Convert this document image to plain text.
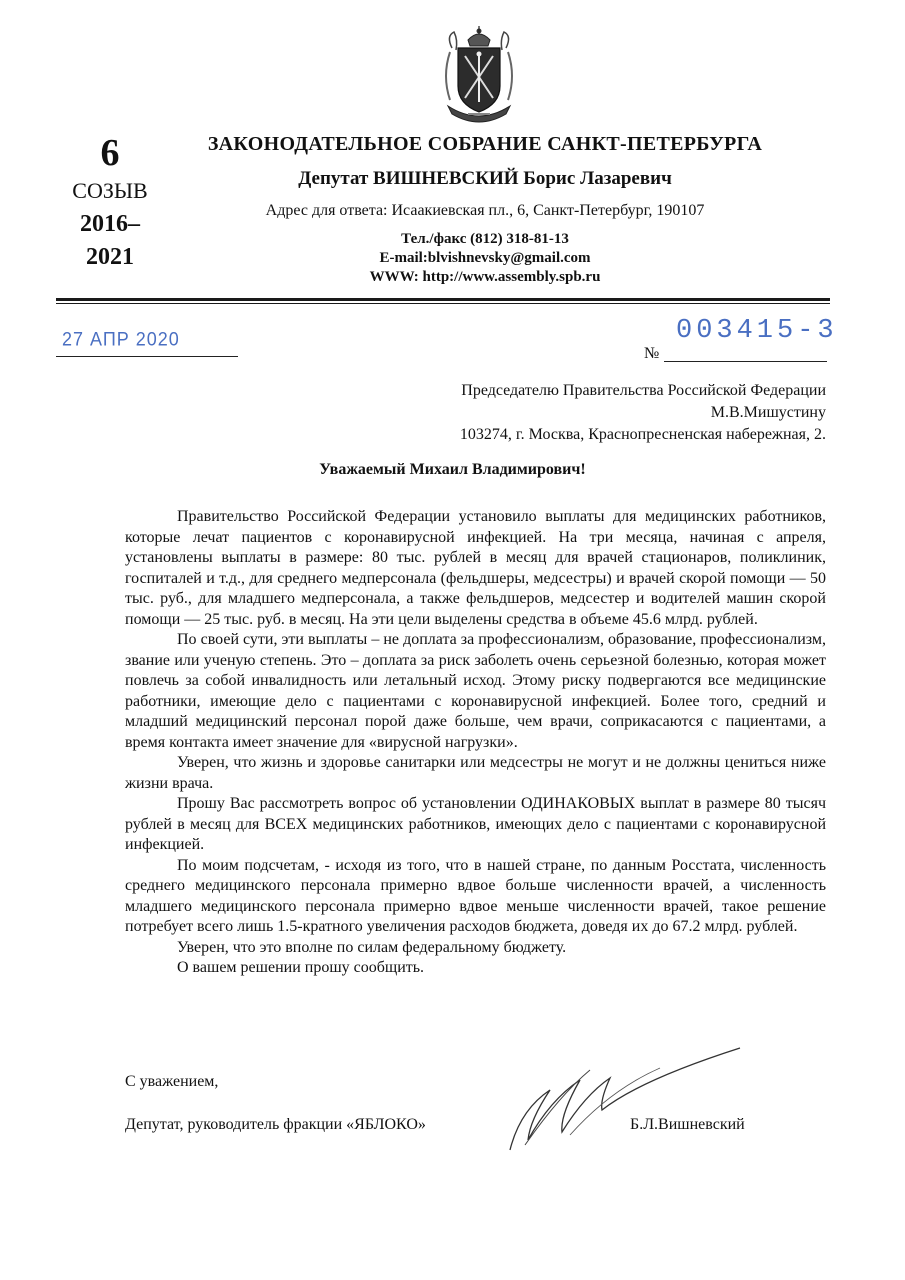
6
СОЗЫВ
2016–
2021
ЗАКОНОДАТЕЛЬНОЕ СОБРАНИЕ САНКТ-ПЕТЕРБУРГА
Депутат ВИШНЕВСКИЙ Борис Лазаревич
Адрес для ответа: Исаакиевская пл., 6, Санкт-Петербург, 190107
Тел./факс (812) 318-81-13
E-mail:blvishnevsky@gmail.com
WWW: http://www.assembly.spb.ru
27 АПР 2020	003415-3
№
Председателю Правительства Российской Федерации
М.В.Мишустину
103274, г. Москва, Краснопресненская набережная, 2.
Уважаемый Михаил Владимирович!

Правительство Российской Федерации установило выплаты для медицинских работников, которые лечат пациентов с коронавирусной инфекцией. На три месяца, начиная с апреля, установлены выплаты в размере: 80 тыс. рублей в месяц для врачей стационаров, поликлиник, госпиталей и т.д., для среднего медперсонала (фельдшеры, медсестры) и врачей скорой помощи — 50 тыс. руб., для младшего медперсонала, а также фельдшеров, медсестер и водителей машин скорой помощи — 25 тыс. руб. в месяц. На эти цели выделены средства в объеме 45.6 млрд. рублей.

По своей сути, эти выплаты – не доплата за профессионализм, образование, профессионализм, звание или ученую степень. Это – доплата за риск заболеть очень серьезной болезнью, которая может повлечь за собой инвалидность или летальный исход. Этому риску подвергаются все медицинские работники, имеющие дело с пациентами с коронавирусной инфекцией. Более того, средний и младший медицинский персонал порой даже больше, чем врачи, соприкасаются с пациентами, а время контакта имеет значение для «вирусной нагрузки».

Уверен, что жизнь и здоровье санитарки или медсестры не могут и не должны цениться ниже жизни врача.

Прошу Вас рассмотреть вопрос об установлении ОДИНАКОВЫХ выплат в размере 80 тысяч рублей в месяц для ВСЕХ медицинских работников, имеющих дело с пациентами с коронавирусной инфекцией.

По моим подсчетам, - исходя из того, что в нашей стране, по данным Росстата, численность среднего медицинского персонала примерно вдвое больше численности врачей, а численность младшего медицинского персонала примерно вдвое меньше численности врачей, такое решение потребует всего лишь 1.5-кратного увеличения расходов бюджета, доведя их до 67.2 млрд. рублей.

Уверен, что это вполне по силам федеральному бюджету.

О вашем решении прошу сообщить.

С уважением,
Депутат, руководитель фракции «ЯБЛОКО»	Б.Л.Вишневский
